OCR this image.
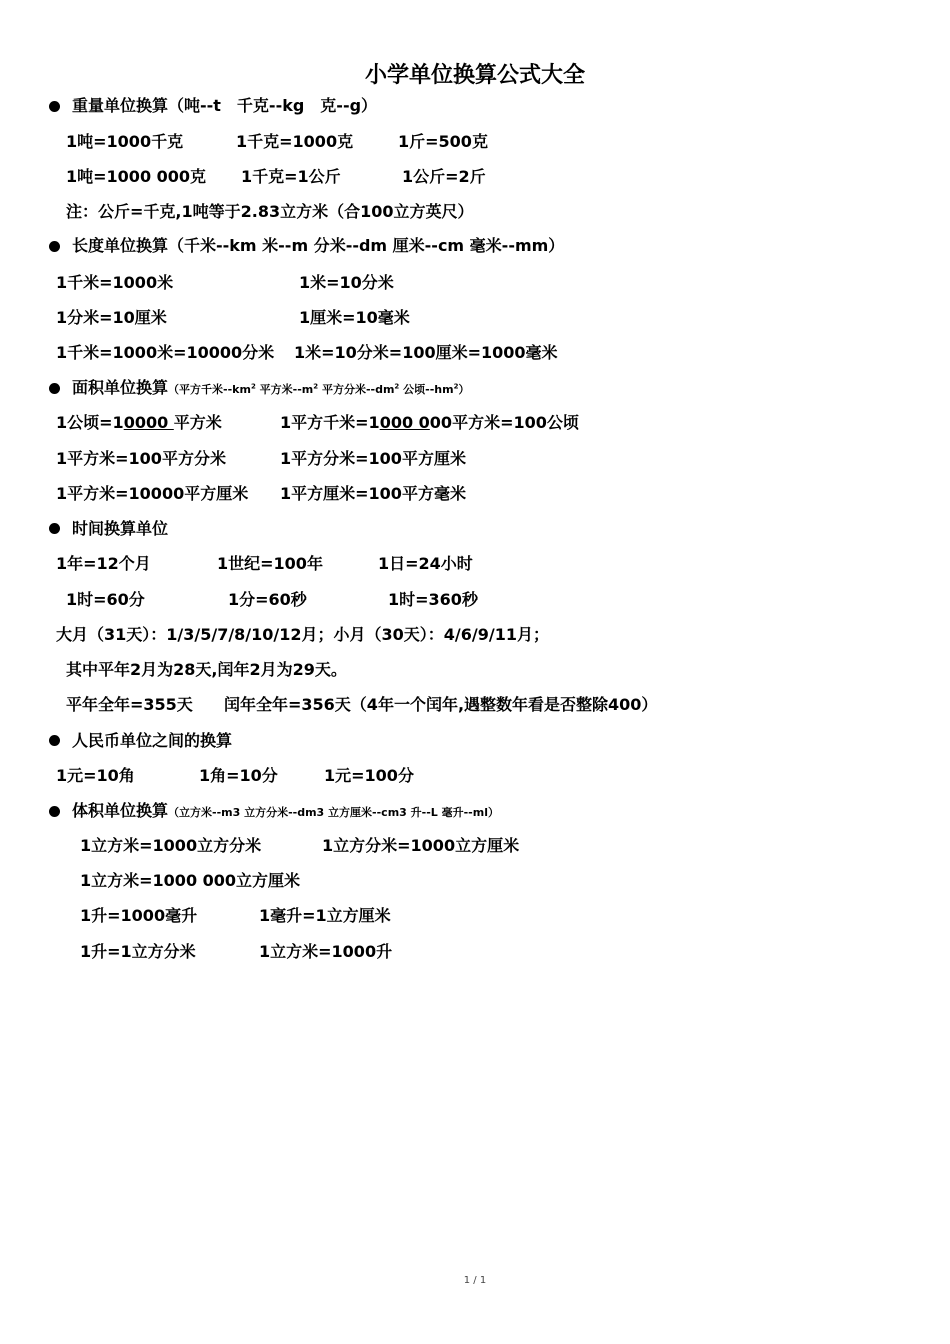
小学单位换算公式大全
重量单位换算（吨--t　千克--kg　克--g）
1吨=1000千克	1千克=1000克	1斤=500克
1吨=1000 000克 1千克=1公斤	1公斤=2斤
注：公斤=千克,1吨等于2.83立方米（合100立方英尺）
长度单位换算（千米--km 米--m 分米--dm 厘米--cm 毫米--mm）
1千米=1000米	1米=10分米
1分米=10厘米	1厘米=10毫米
1千米=1000米=10000分米 1米=10分米=100厘米=1000毫米
面积单位换算（平方千米$--km^2$ 平方米$--m^2$ 平方分米$--dm^2$ 公顷$--hm^2$）
1公顷=10000 平方米	1平方千米=1000 000平方米=100公顷
1平方米=100平方分米	1平方分米=100平方厘米
1平方米=10000平方厘米 1平方厘米=100平方毫米
时间换算单位
1年=12个月	1世纪=100年	1日=24小时
1时=60分	1分=60秒	1时=360秒
大月（31天）：1/3/5/7/8/10/12月；小月（30天）：4/6/9/11月；
其中平年2月为28天,闰年2月为29天。
平年全年=355天 闰年全年=356天（4年一个闰年,遇整数年看是否整除400）
人民币单位之间的换算
1元=10角	1角=10分	1元=100分
体积单位换算（立方米--m3 立方分米--dm3 立方厘米--cm3 升--L 毫升--ml）
1立方米=1000立方分米	1立方分米=1000立方厘米
1立方米=1000 000立方厘米
1升=1000毫升	1毫升=1立方厘米
1升=1立方分米	1立方米=1000升
1 / 1
